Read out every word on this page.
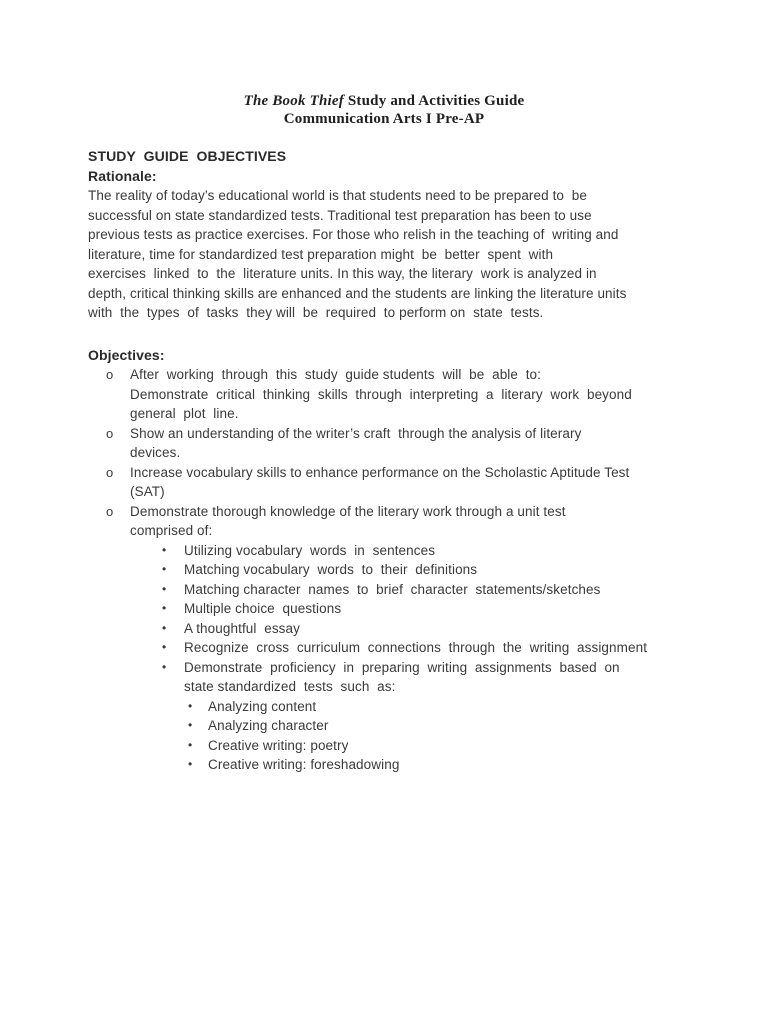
The Book Thief Study and Activities Guide
Communication Arts I Pre-AP
STUDY  GUIDE  OBJECTIVES
Rationale:
The reality of today’s educational world is that students need to be prepared to  be
successful on state standardized tests. Traditional test preparation has been to use
previous tests as practice exercises. For those who relish in the teaching of  writing and
literature, time for standardized test preparation might  be  better  spent  with
exercises  linked  to  the  literature units. In this way, the literary  work is analyzed in
depth, critical thinking skills are enhanced and the students are linking the literature units
with  the  types  of  tasks  they will  be  required  to perform on  state  tests.
Objectives:
o	After  working  through  this  study  guide students  will  be  able  to:
Demonstrate  critical  thinking  skills  through  interpreting  a  literary  work  beyond
general  plot  line.
o	Show an understanding of the writer’s craft  through the analysis of literary
devices.
o	Increase vocabulary skills to enhance performance on the Scholastic Aptitude Test
(SAT)
o	Demonstrate thorough knowledge of the literary work through a unit test
comprised of:
•	Utilizing vocabulary  words  in  sentences
•	Matching vocabulary  words  to  their  definitions
•	Matching character  names  to  brief  character  statements/sketches
•	Multiple choice  questions
•	A thoughtful  essay
•	Recognize  cross  curriculum  connections  through  the  writing  assignment
•	Demonstrate  proficiency  in  preparing  writing  assignments  based  on
state standardized  tests  such  as:
•	Analyzing content
•	Analyzing character
•	Creative writing: poetry
•	Creative writing: foreshadowing
